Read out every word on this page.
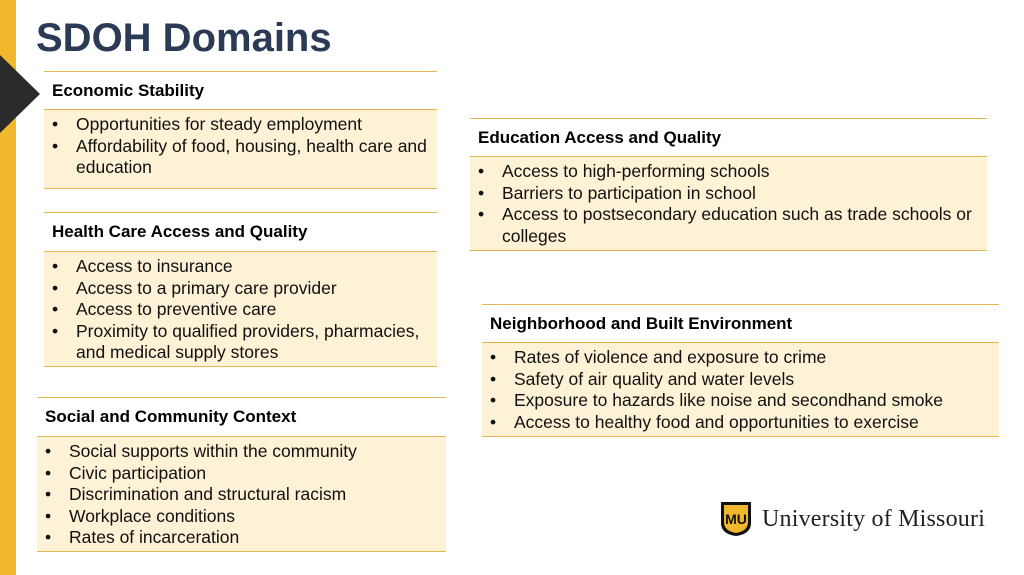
SDOH Domains
Economic Stability
• Opportunities for steady employment
• Affordability of food, housing, health care and education
Health Care Access and Quality
• Access to insurance
• Access to a primary care provider
• Access to preventive care
• Proximity to qualified providers, pharmacies, and medical supply stores
Social and Community Context
• Social supports within the community
• Civic participation
• Discrimination and structural racism
• Workplace conditions
• Rates of incarceration
Education Access and Quality
• Access to high-performing schools
• Barriers to participation in school
• Access to postsecondary education such as trade schools or colleges
Neighborhood and Built Environment
• Rates of violence and exposure to crime
• Safety of air quality and water levels
• Exposure to hazards like noise and secondhand smoke
• Access to healthy food and opportunities to exercise
MU University of Missouri
